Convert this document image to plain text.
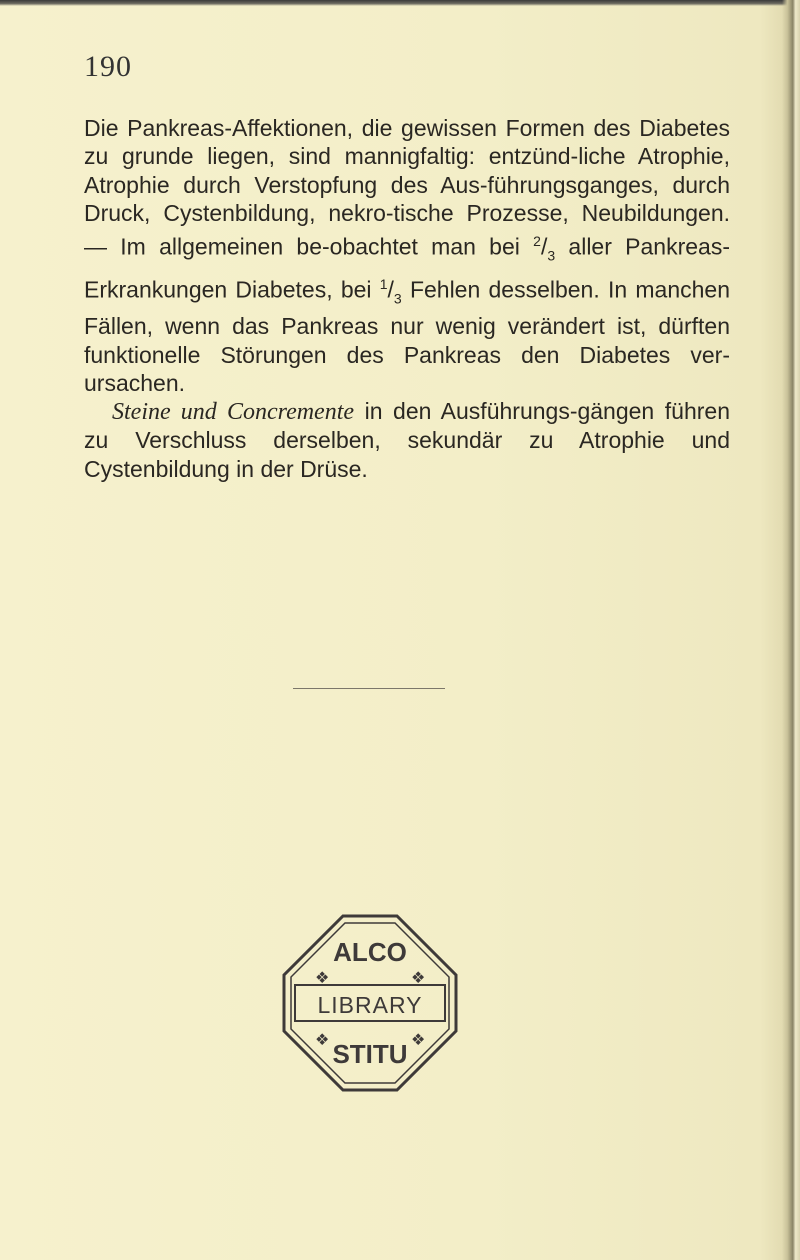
190

Die Pankreas-Affektionen, die gewissen Formen des Diabetes zu grunde liegen, sind mannigfaltig: entzünd-liche Atrophie, Atrophie durch Verstopfung des Aus-führungsganges, durch Druck, Cystenbildung, nekro-tische Prozesse, Neubildungen. — Im allgemeinen be-obachtet man bei $^2/_3$ aller Pankreas-Erkrankungen Diabetes, bei $^1/_3$ Fehlen desselben. In manchen Fällen, wenn das Pankreas nur wenig verändert ist, dürften funktionelle Störungen des Pankreas den Diabetes ver-ursachen.

Steine und Concremente in den Ausführungs-gängen führen zu Verschluss derselben, sekundär zu Atrophie und Cystenbildung in der Drüse.

ALCO
LIBRARY
STITU
❖	❖
❖	❖
